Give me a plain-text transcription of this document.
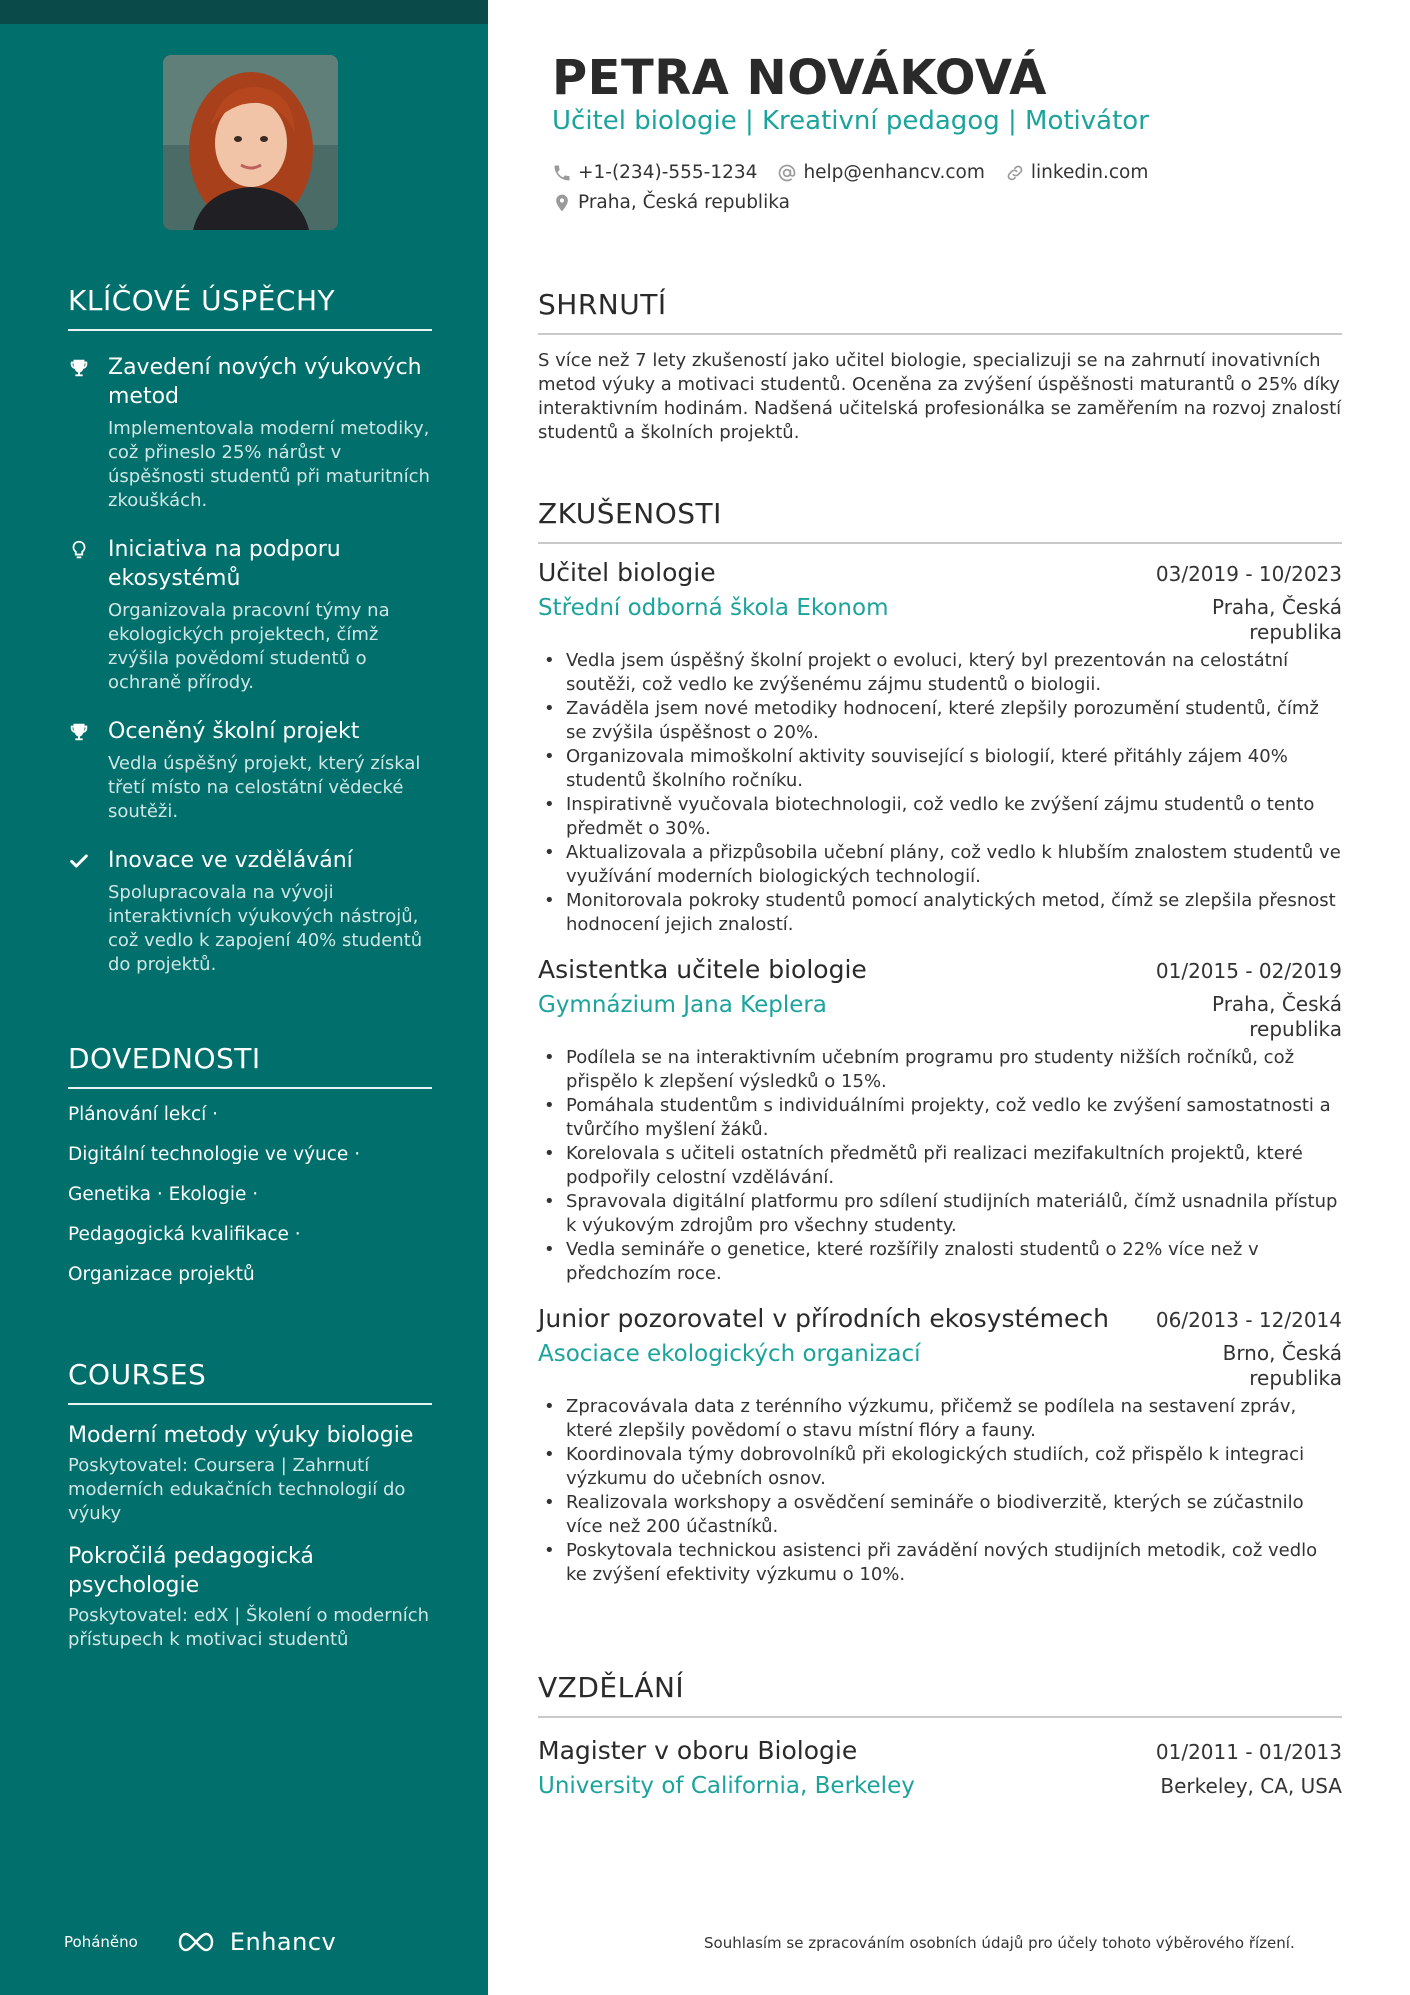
KLÍČOVÉ ÚSPĚCHY
Zavedení nových výukových metod
Implementovala moderní metodiky, což přineslo 25% nárůst v úspěšnosti studentů při maturitních zkouškách.
Iniciativa na podporu ekosystémů
Organizovala pracovní týmy na ekologických projektech, čímž zvýšila povědomí studentů o ochraně přírody.
Oceněný školní projekt
Vedla úspěšný projekt, který získal třetí místo na celostátní vědecké soutěži.
Inovace ve vzdělávání
Spolupracovala na vývoji interaktivních výukových nástrojů, což vedlo k zapojení 40% studentů do projektů.
DOVEDNOSTI
Plánování lekcí ·
Digitální technologie ve výuce ·
Genetika · Ekologie ·
Pedagogická kvalifikace ·
Organizace projektů
COURSES
Moderní metody výuky biologie
Poskytovatel: Coursera | Zahrnutí moderních edukačních technologií do výuky
Pokročilá pedagogická psychologie
Poskytovatel: edX | Školení o moderních přístupech k motivaci studentů
Poháněno	Enhancv
PETRA NOVÁKOVÁ
Učitel biologie | Kreativní pedagog | Motivátor
+1-(234)-555-1234 help@enhancv.com linkedin.com
Praha, Česká republika
SHRNUTÍ
S více než 7 lety zkušeností jako učitel biologie, specializuji se na zahrnutí inovativních metod výuky a motivaci studentů. Oceněna za zvýšení úspěšnosti maturantů o 25% díky interaktivním hodinám. Nadšená učitelská profesionálka se zaměřením na rozvoj znalostí studentů a školních projektů.
ZKUŠENOSTI
Učitel biologie	03/2019 - 10/2023
Střední odborná škola Ekonom	Praha, Česká republika
• Vedla jsem úspěšný školní projekt o evoluci, který byl prezentován na celostátní soutěži, což vedlo ke zvýšenému zájmu studentů o biologii.
• Zaváděla jsem nové metodiky hodnocení, které zlepšily porozumění studentů, čímž se zvýšila úspěšnost o 20%.
• Organizovala mimoškolní aktivity související s biologií, které přitáhly zájem 40% studentů školního ročníku.
• Inspirativně vyučovala biotechnologii, což vedlo ke zvýšení zájmu studentů o tento předmět o 30%.
• Aktualizovala a přizpůsobila učební plány, což vedlo k hlubším znalostem studentů ve využívání moderních biologických technologií.
• Monitorovala pokroky studentů pomocí analytických metod, čímž se zlepšila přesnost hodnocení jejich znalostí.
Asistentka učitele biologie	01/2015 - 02/2019
Gymnázium Jana Keplera	Praha, Česká republika
• Podílela se na interaktivním učebním programu pro studenty nižších ročníků, což přispělo k zlepšení výsledků o 15%.
• Pomáhala studentům s individuálními projekty, což vedlo ke zvýšení samostatnosti a tvůrčího myšlení žáků.
• Korelovala s učiteli ostatních předmětů při realizaci mezifakultních projektů, které podpořily celostní vzdělávání.
• Spravovala digitální platformu pro sdílení studijních materiálů, čímž usnadnila přístup k výukovým zdrojům pro všechny studenty.
• Vedla semináře o genetice, které rozšířily znalosti studentů o 22% více než v předchozím roce.
Junior pozorovatel v přírodních ekosystémech 06/2013 - 12/2014
Asociace ekologických organizací	Brno, Česká republika
• Zpracovávala data z terénního výzkumu, přičemž se podílela na sestavení zpráv, které zlepšily povědomí o stavu místní flóry a fauny.
• Koordinovala týmy dobrovolníků při ekologických studiích, což přispělo k integraci výzkumu do učebních osnov.
• Realizovala workshopy a osvědčení semináře o biodiverzitě, kterých se zúčastnilo více než 200 účastníků.
• Poskytovala technickou asistenci při zavádění nových studijních metodik, což vedlo ke zvýšení efektivity výzkumu o 10%.
VZDĚLÁNÍ
Magister v oboru Biologie	01/2011 - 01/2013
University of California, Berkeley	Berkeley, CA, USA
Souhlasím se zpracováním osobních údajů pro účely tohoto výběrového řízení.
